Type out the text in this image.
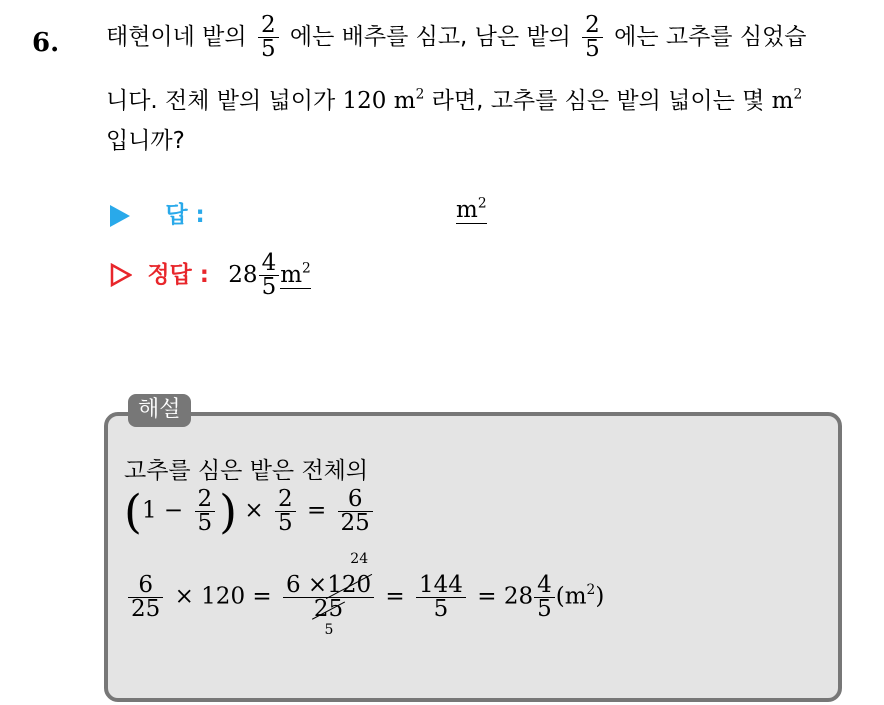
6. 태현이네 밭의 $\frac{2}{5}$ 에는 배추를 심고, 남은 밭의 $\frac{2}{5}$ 에는 고추를 심었습
니다. 전체 밭의 넓이가 120 $m^2$ 라면, 고추를 심은 밭의 넓이는 몇 $m^2$
입니까?
답 :	$m^2$
정답 : $28 \frac{4}{5} m^2$
해설
고추를 심은 밭은 전체의
($1 - \frac{2}{5}$ ) × $\frac{2}{5} = \frac{6}{25}$
$\frac{6}{25} \times 120$ =
24
6 ×120
25
5
= $\frac{144}{5} = 28 \frac{4}{5} (m^2)$
